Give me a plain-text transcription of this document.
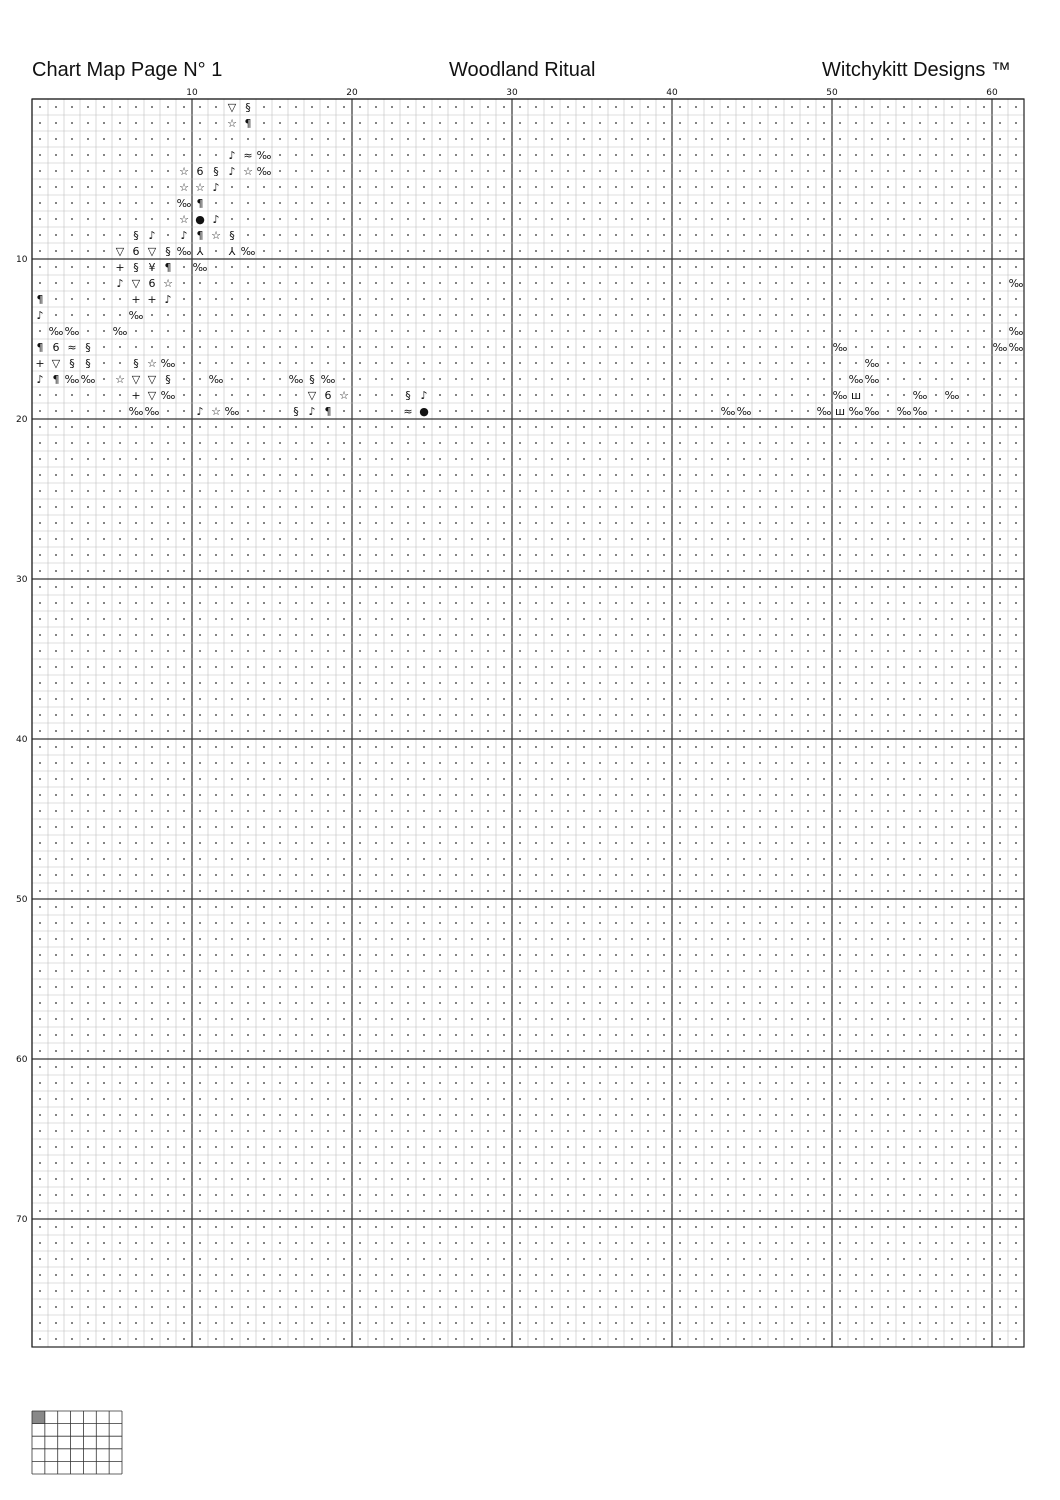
Chart Map Page N° 1	Woodland Ritual	Witchykitt Designs ™
▽ §
☆ ¶
♪ ≈ ‰
☆ 6 § ♪ ☆ ‰
☆ ☆ ♪
‰ ¶
☆ ● ♪
§ ♪ ♪ ¶ ☆ §
▽ 6 ▽ § ‰ ⅄ ⅄ ‰
+ § ¥ ¶ ‰
♪ ▽ 6 ☆	‰
¶	+ + ♪
♪	‰
‰ ‰	‰	‰
¶ 6 ≈ §	‰	‰ ‰
+ ▽ § §	§ ☆ ‰	‰
♪ ¶ ‰ ‰ ☆ ▽ ▽ §	‰	‰ § ‰	‰ ‰
+ ▽ ‰	▽ 6 ☆	§ ♪	‰ ш	‰ ‰
‰ ‰	♪ ☆ ‰	§ ♪ ¶	≈ ●	‰ ‰	‰ ш ‰ ‰ ‰ ‰
10	20	30	40	50	60
10
20
30
40
50
60
70
